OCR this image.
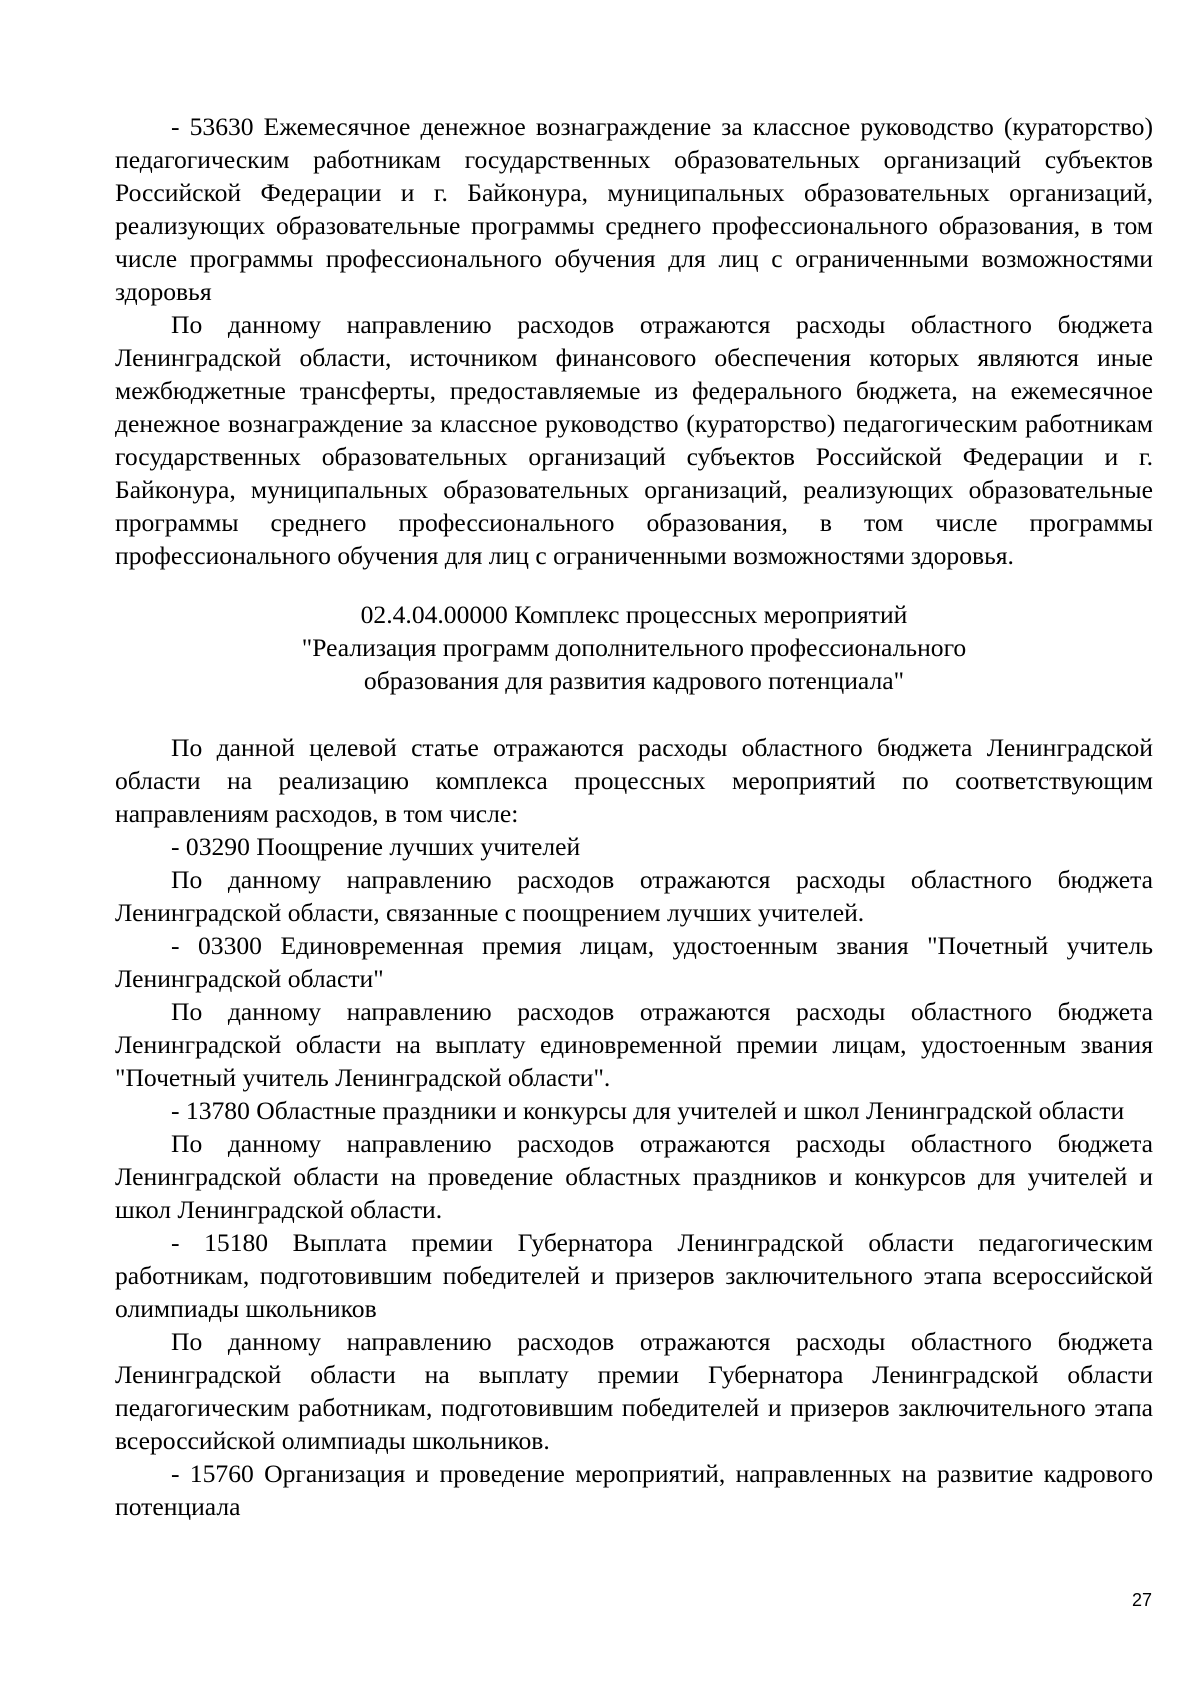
- 53630 Ежемесячное денежное вознаграждение за классное руководство (кураторство) педагогическим работникам государственных образовательных организаций субъектов Российской Федерации и г. Байконура, муниципальных образовательных организаций, реализующих образовательные программы среднего профессионального образования, в том числе программы профессионального обучения для лиц с ограниченными возможностями здоровья

По данному направлению расходов отражаются расходы областного бюджета Ленинградской области, источником финансового обеспечения которых являются иные межбюджетные трансферты, предоставляемые из федерального бюджета, на ежемесячное денежное вознаграждение за классное руководство (кураторство) педагогическим работникам государственных образовательных организаций субъектов Российской Федерации и г. Байконура, муниципальных образовательных организаций, реализующих образовательные программы среднего профессионального образования, в том числе программы профессионального обучения для лиц с ограниченными возможностями здоровья.

02.4.04.00000 Комплекс процессных мероприятий

"Реализация программ дополнительного профессионального

образования для развития кадрового потенциала"

По данной целевой статье отражаются расходы областного бюджета Ленинградской области на реализацию комплекса процессных мероприятий по соответствующим направлениям расходов, в том числе:

- 03290 Поощрение лучших учителей

По данному направлению расходов отражаются расходы областного бюджета Ленинградской области, связанные с поощрением лучших учителей.

- 03300 Единовременная премия лицам, удостоенным звания "Почетный учитель Ленинградской области"

По данному направлению расходов отражаются расходы областного бюджета Ленинградской области на выплату единовременной премии лицам, удостоенным звания "Почетный учитель Ленинградской области".

- 13780 Областные праздники и конкурсы для учителей и школ Ленинградской области

По данному направлению расходов отражаются расходы областного бюджета Ленинградской области на проведение областных праздников и конкурсов для учителей и школ Ленинградской области.

- 15180 Выплата премии Губернатора Ленинградской области педагогическим работникам, подготовившим победителей и призеров заключительного этапа всероссийской олимпиады школьников

По данному направлению расходов отражаются расходы областного бюджета Ленинградской области на выплату премии Губернатора Ленинградской области педагогическим работникам, подготовившим победителей и призеров заключительного этапа всероссийской олимпиады школьников.

- 15760 Организация и проведение мероприятий, направленных на развитие кадрового потенциала

27
